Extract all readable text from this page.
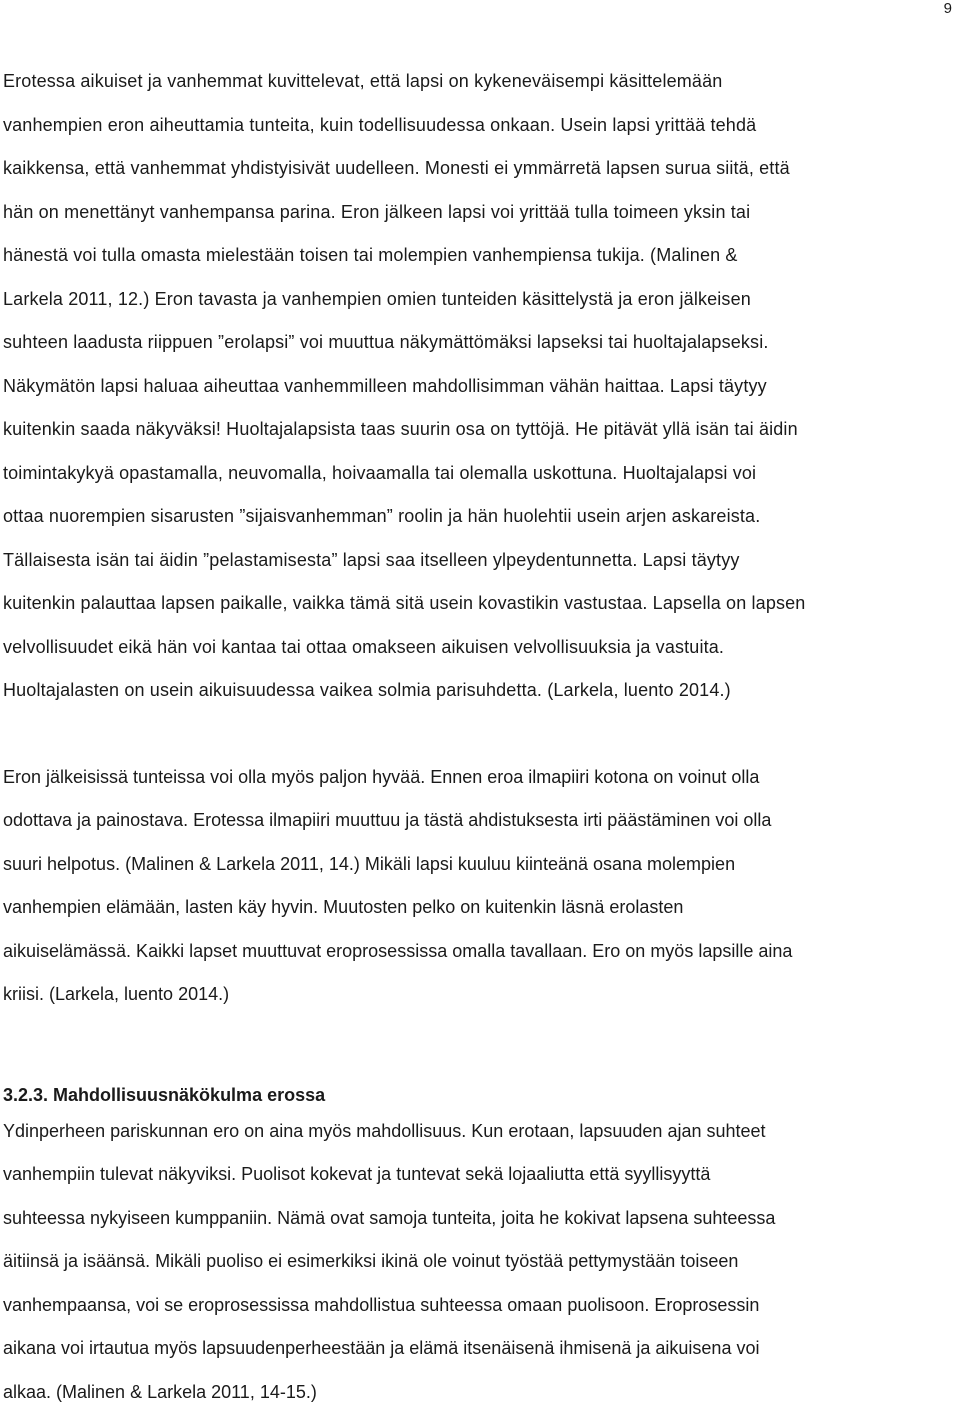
9
Erotessa aikuiset ja vanhemmat kuvittelevat, että lapsi on kykeneväisempi käsittelemään
vanhempien eron aiheuttamia tunteita, kuin todellisuudessa onkaan. Usein lapsi yrittää tehdä
kaikkensa, että vanhemmat yhdistyisivät uudelleen. Monesti ei ymmärretä lapsen surua siitä, että
hän on menettänyt vanhempansa parina. Eron jälkeen lapsi voi yrittää tulla toimeen yksin tai
hänestä voi tulla omasta mielestään toisen tai molempien vanhempiensa tukija. (Malinen &
Larkela 2011, 12.) Eron tavasta ja vanhempien omien tunteiden käsittelystä ja eron jälkeisen
suhteen laadusta riippuen ”erolapsi” voi muuttua näkymättömäksi lapseksi tai huoltajalapseksi.
Näkymätön lapsi haluaa aiheuttaa vanhemmilleen mahdollisimman vähän haittaa. Lapsi täytyy
kuitenkin saada näkyväksi! Huoltajalapsista taas suurin osa on tyttöjä. He pitävät yllä isän tai äidin
toimintakykyä opastamalla, neuvomalla, hoivaamalla tai olemalla uskottuna. Huoltajalapsi voi
ottaa nuorempien sisarusten ”sijaisvanhemman” roolin ja hän huolehtii usein arjen askareista.
Tällaisesta isän tai äidin ”pelastamisesta” lapsi saa itselleen ylpeydentunnetta. Lapsi täytyy
kuitenkin palauttaa lapsen paikalle, vaikka tämä sitä usein kovastikin vastustaa. Lapsella on lapsen
velvollisuudet eikä hän voi kantaa tai ottaa omakseen aikuisen velvollisuuksia ja vastuita.
Huoltajalasten on usein aikuisuudessa vaikea solmia parisuhdetta. (Larkela, luento 2014.)
Eron jälkeisissä tunteissa voi olla myös paljon hyvää. Ennen eroa ilmapiiri kotona on voinut olla
odottava ja painostava. Erotessa ilmapiiri muuttuu ja tästä ahdistuksesta irti päästäminen voi olla
suuri helpotus. (Malinen & Larkela 2011, 14.) Mikäli lapsi kuuluu kiinteänä osana molempien
vanhempien elämään, lasten käy hyvin. Muutosten pelko on kuitenkin läsnä erolasten
aikuiselämässä. Kaikki lapset muuttuvat eroprosessissa omalla tavallaan. Ero on myös lapsille aina
kriisi. (Larkela, luento 2014.)
3.2.3. Mahdollisuusnäkökulma erossa
Ydinperheen pariskunnan ero on aina myös mahdollisuus. Kun erotaan, lapsuuden ajan suhteet
vanhempiin tulevat näkyviksi. Puolisot kokevat ja tuntevat sekä lojaaliutta että syyllisyyttä
suhteessa nykyiseen kumppaniin. Nämä ovat samoja tunteita, joita he kokivat lapsena suhteessa
äitiinsä ja isäänsä. Mikäli puoliso ei esimerkiksi ikinä ole voinut työstää pettymystään toiseen
vanhempaansa, voi se eroprosessissa mahdollistua suhteessa omaan puolisoon. Eroprosessin
aikana voi irtautua myös lapsuudenperheestään ja elämä itsenäisenä ihmisenä ja aikuisena voi
alkaa. (Malinen & Larkela 2011, 14-15.)
